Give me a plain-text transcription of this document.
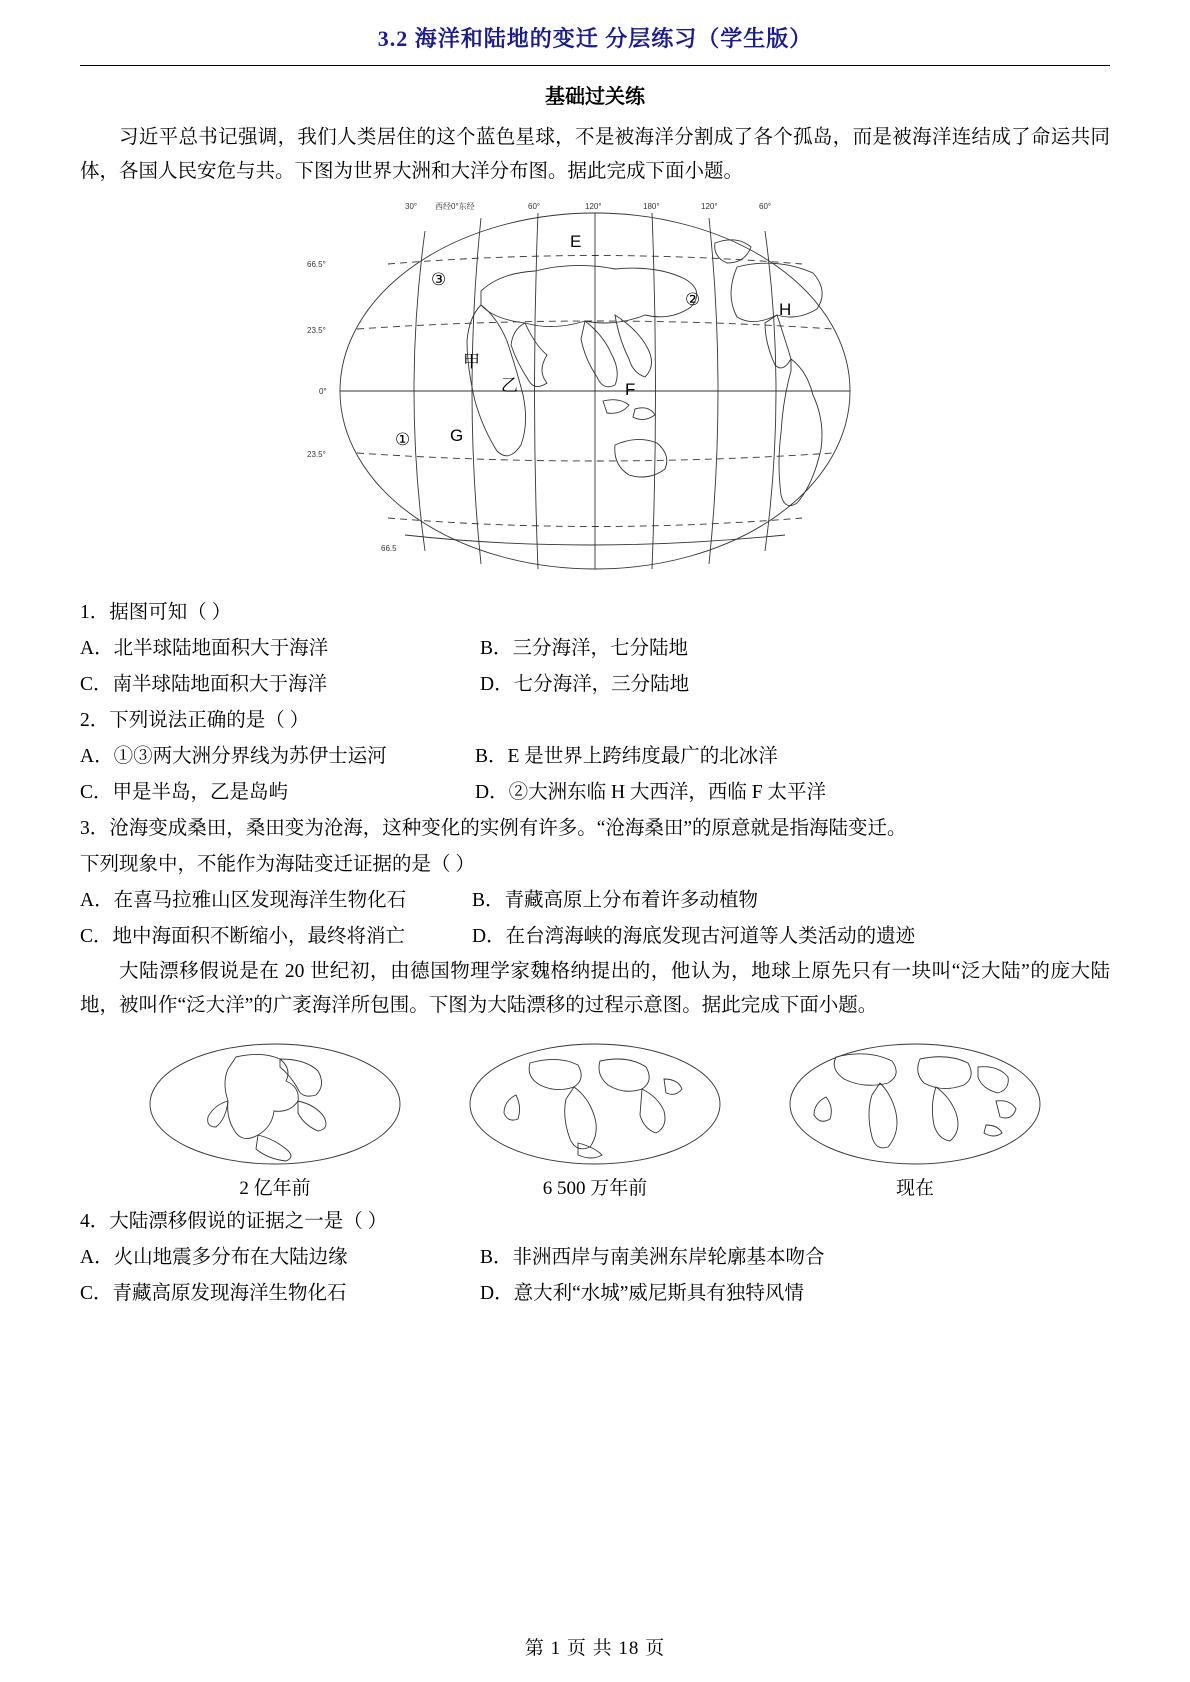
3.2 海洋和陆地的变迁 分层练习（学生版）
基础过关练

习近平总书记强调，我们人类居住的这个蓝色星球，不是被海洋分割成了各个孤岛，而是被海洋连结成了命运共同体，各国人民安危与共。下图为世界大洲和大洋分布图。据此完成下面小题。

66.5°
23.5°
0°
23.5°
66.5
30° 西经0°东经	60°	120°	180°	120°	60°
E
H
F
G
甲
乙
①
②
③

1．据图可知（ ）

A．北半球陆地面积大于海洋	B．三分海洋，七分陆地
C．南半球陆地面积大于海洋	D．七分海洋，三分陆地

2．下列说法正确的是（ ）

A．①③两大洲分界线为苏伊士运河	B．E 是世界上跨纬度最广的北冰洋
C．甲是半岛，乙是岛屿	D．②大洲东临 H 大西洋，西临 F 太平洋

3．沧海变成桑田，桑田变为沧海，这种变化的实例有许多。“沧海桑田”的原意就是指海陆变迁。

下列现象中，不能作为海陆变迁证据的是（ ）

A．在喜马拉雅山区发现海洋生物化石	B．青藏高原上分布着许多动植物
C．地中海面积不断缩小，最终将消亡	D．在台湾海峡的海底发现古河道等人类活动的遗迹

大陆漂移假说是在 20 世纪初，由德国物理学家魏格纳提出的，他认为，地球上原先只有一块叫“泛大陆”的庞大陆地，被叫作“泛大洋”的广袤海洋所包围。下图为大陆漂移的过程示意图。据此完成下面小题。

2 亿年前	6 500 万年前	现在

4．大陆漂移假说的证据之一是（ ）

A．火山地震多分布在大陆边缘	B．非洲西岸与南美洲东岸轮廓基本吻合
C．青藏高原发现海洋生物化石	D．意大利“水城”威尼斯具有独特风情
第 1 页 共 18 页
